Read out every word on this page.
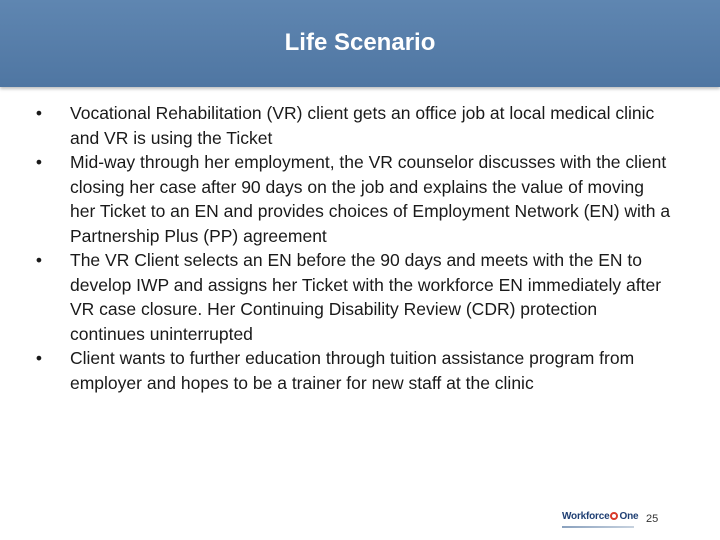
Life Scenario
• Vocational Rehabilitation (VR) client gets an office job at local medical clinic and VR is using the Ticket
• Mid-way through her employment, the VR counselor discusses with the client closing her case after 90 days on the job and explains the value of moving her Ticket to an EN and provides choices of Employment Network (EN) with a Partnership Plus (PP) agreement
• The VR Client selects an EN before the 90 days and meets with the EN to develop IWP and assigns her Ticket with the workforce EN immediately after VR case closure. Her Continuing Disability Review (CDR) protection continues uninterrupted
• Client wants to further education through tuition assistance program from employer and hopes to be a trainer for new staff at the clinic
Workforce One 25
